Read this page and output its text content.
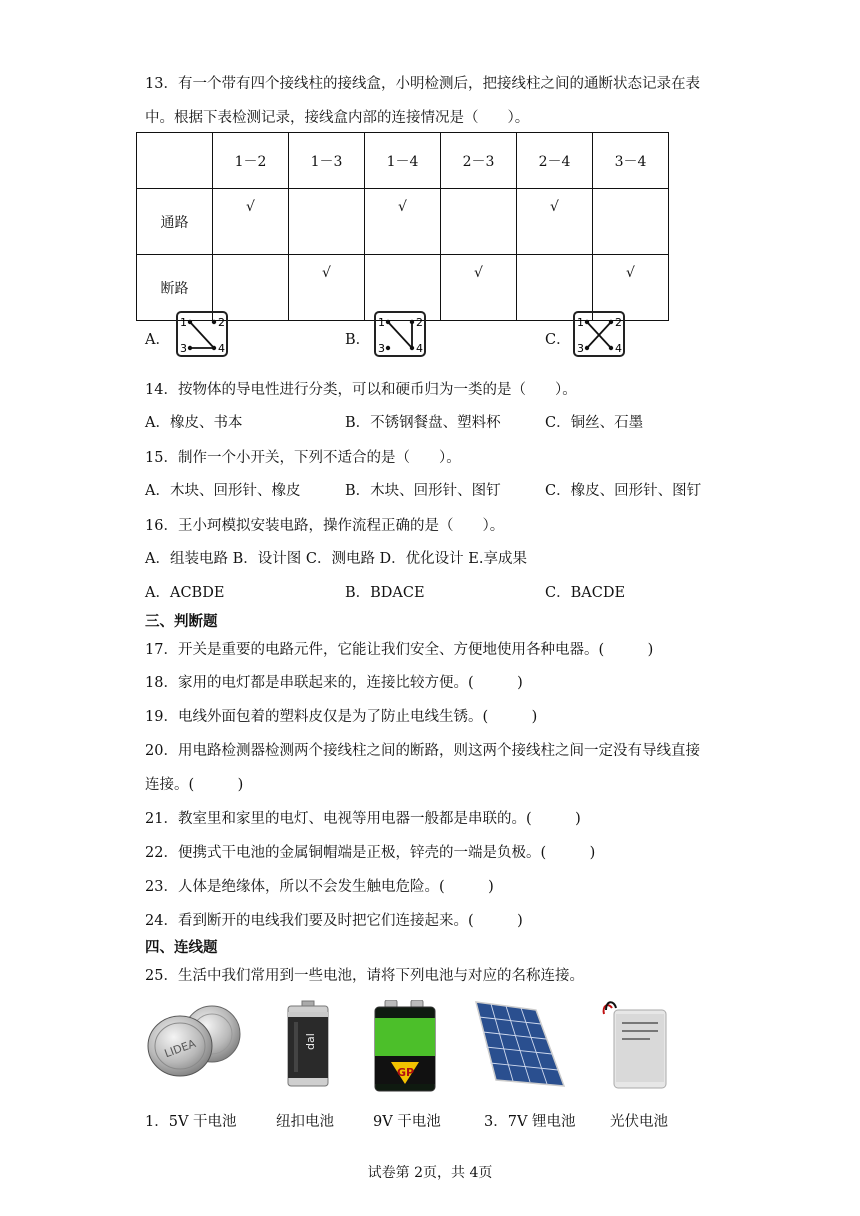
13．有一个带有四个接线柱的接线盒，小明检测后，把接线柱之间的通断状态记录在表
中。根据下表检测记录，接线盒内部的连接情况是（　　）。
	1－2	1－3	1－4	2－3	2－4	3－4
通路	√		√		√	
断路		√		√		√
A．
1	2
3	4
B．
1	2
3	4
C．
1	2
3	4
14．按物体的导电性进行分类，可以和硬币归为一类的是（　　）。
A．橡皮、书本	B．不锈钢餐盘、塑料杯	C．铜丝、石墨
15．制作一个小开关，下列不适合的是（　　）。
A．木块、回形针、橡皮	B．木块、回形针、图钉	C．橡皮、回形针、图钉
16．王小珂模拟安装电路，操作流程正确的是（　　）。
A．组装电路 B．设计图 C．测电路 D．优化设计 E.享成果
A．ACBDE	B．BDACE	C．BACDE
三、判断题
17．开关是重要的电路元件，它能让我们安全、方便地使用各种电器。(　　　)
18．家用的电灯都是串联起来的，连接比较方便。(　　　)
19．电线外面包着的塑料皮仅是为了防止电线生锈。(　　　)
20．用电路检测器检测两个接线柱之间的断路，则这两个接线柱之间一定没有导线直接
连接。(　　　)
21．教室里和家里的电灯、电视等用电器一般都是串联的。(　　　)
22．便携式干电池的金属铜帽端是正极，锌壳的一端是负极。(　　　)
23．人体是绝缘体，所以不会发生触电危险。(　　　)
24．看到断开的电线我们要及时把它们连接起来。(　　　)
四、连线题
25．生活中我们常用到一些电池，请将下列电池与对应的名称连接。
LIDEA	dal
GP
1．5V 干电池	纽扣电池	9V 干电池	3．7V 锂电池 光伏电池
试卷第 2页，共 4页
